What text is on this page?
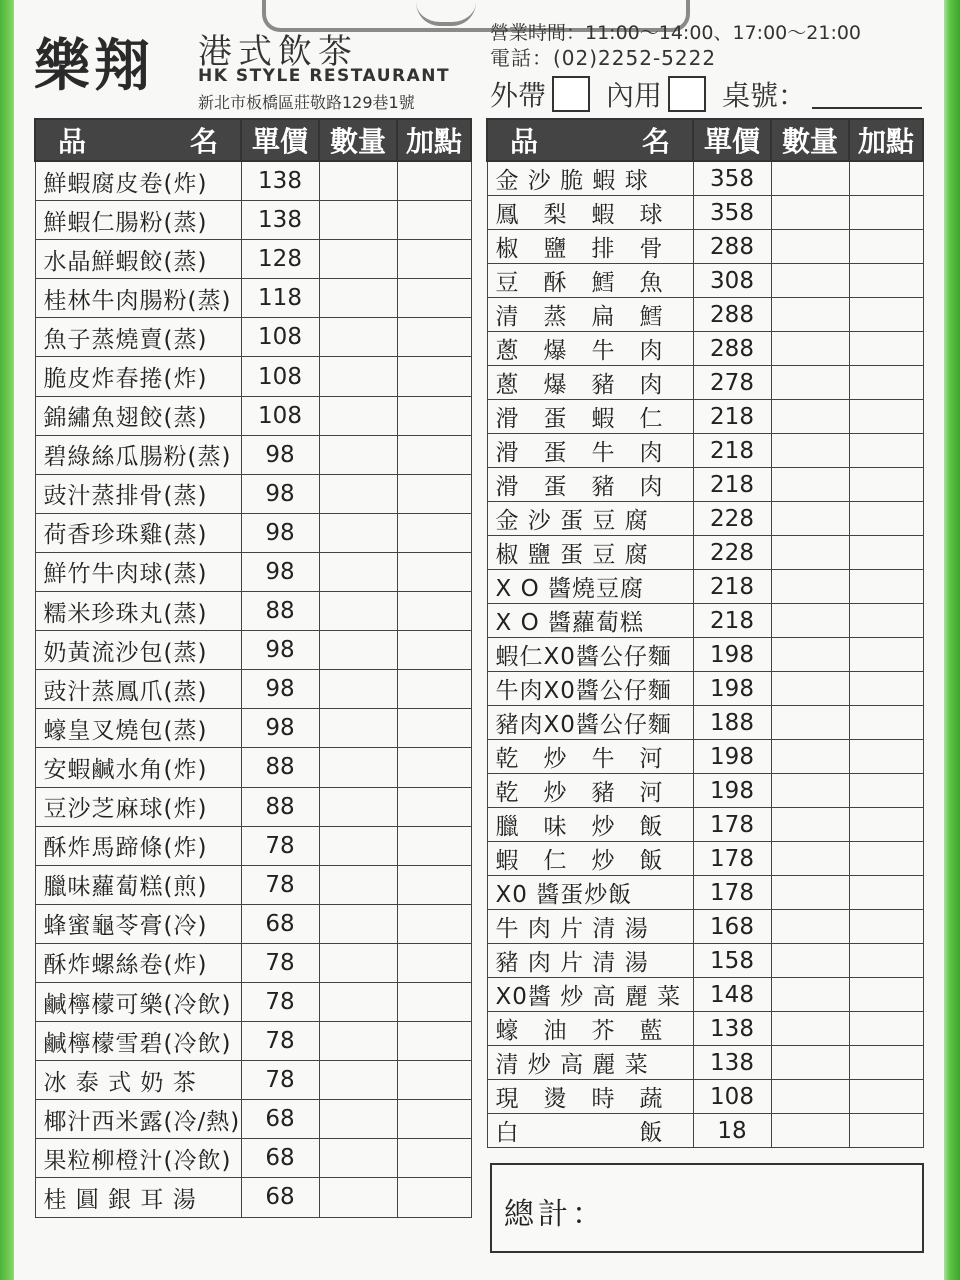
樂翔 港式飲茶
HK STYLE RESTAURANT
新北市板橋區莊敬路129巷1號
營業時間：11:00～14:00、17:00～21:00
電話：(02)2252-5222
外帶 內用 桌號：
品 名	單價	數量	加點
鮮蝦腐皮卷(炸)	138		
鮮蝦仁腸粉(蒸)	138		
水晶鮮蝦餃(蒸)	128		
桂林牛肉腸粉(蒸)	118		
魚子蒸燒賣(蒸)	108		
脆皮炸春捲(炸)	108		
錦繡魚翅餃(蒸)	108		
碧綠絲瓜腸粉(蒸)	98		
豉汁蒸排骨(蒸)	98		
荷香珍珠雞(蒸)	98		
鮮竹牛肉球(蒸)	98		
糯米珍珠丸(蒸)	88		
奶黃流沙包(蒸)	98		
豉汁蒸鳳爪(蒸)	98		
蠔皇叉燒包(蒸)	98		
安蝦鹹水角(炸)	88		
豆沙芝麻球(炸)	88		
酥炸馬蹄條(炸)	78		
臘味蘿蔔糕(煎)	78		
蜂蜜龜苓膏(冷)	68		
酥炸螺絲卷(炸)	78		
鹹檸檬可樂(冷飲)	78		
鹹檸檬雪碧(冷飲)	78		
冰 泰 式 奶 茶	78		
椰汁西米露(冷/熱)	68		
果粒柳橙汁(冷飲)	68		
桂 圓 銀 耳 湯	68		
品 名	單價	數量	加點
金 沙 脆 蝦 球	358		
鳳　梨　蝦　球	358		
椒　鹽　排　骨	288		
豆　酥　鱈　魚	308		
清　蒸　扁　鱈	288		
蔥　爆　牛　肉	288		
蔥　爆　豬　肉	278		
滑　蛋　蝦　仁	218		
滑　蛋　牛　肉	218		
滑　蛋　豬　肉	218		
金 沙 蛋 豆 腐	228		
椒 鹽 蛋 豆 腐	228		
X O 醬燒豆腐	218		
X O 醬蘿蔔糕	218		
蝦仁X0醬公仔麵	198		
牛肉X0醬公仔麵	198		
豬肉X0醬公仔麵	188		
乾　炒　牛　河	198		
乾　炒　豬　河	198		
臘　味　炒　飯	178		
蝦　仁　炒　飯	178		
X0 醬蛋炒飯	178		
牛 肉 片 清 湯	168		
豬 肉 片 清 湯	158		
X0醬 炒 高 麗 菜	148		
蠔　油　芥　藍	138		
清 炒 高 麗 菜	138		
現　燙　時　蔬	108		
白　　　　　飯	18		
總計：
